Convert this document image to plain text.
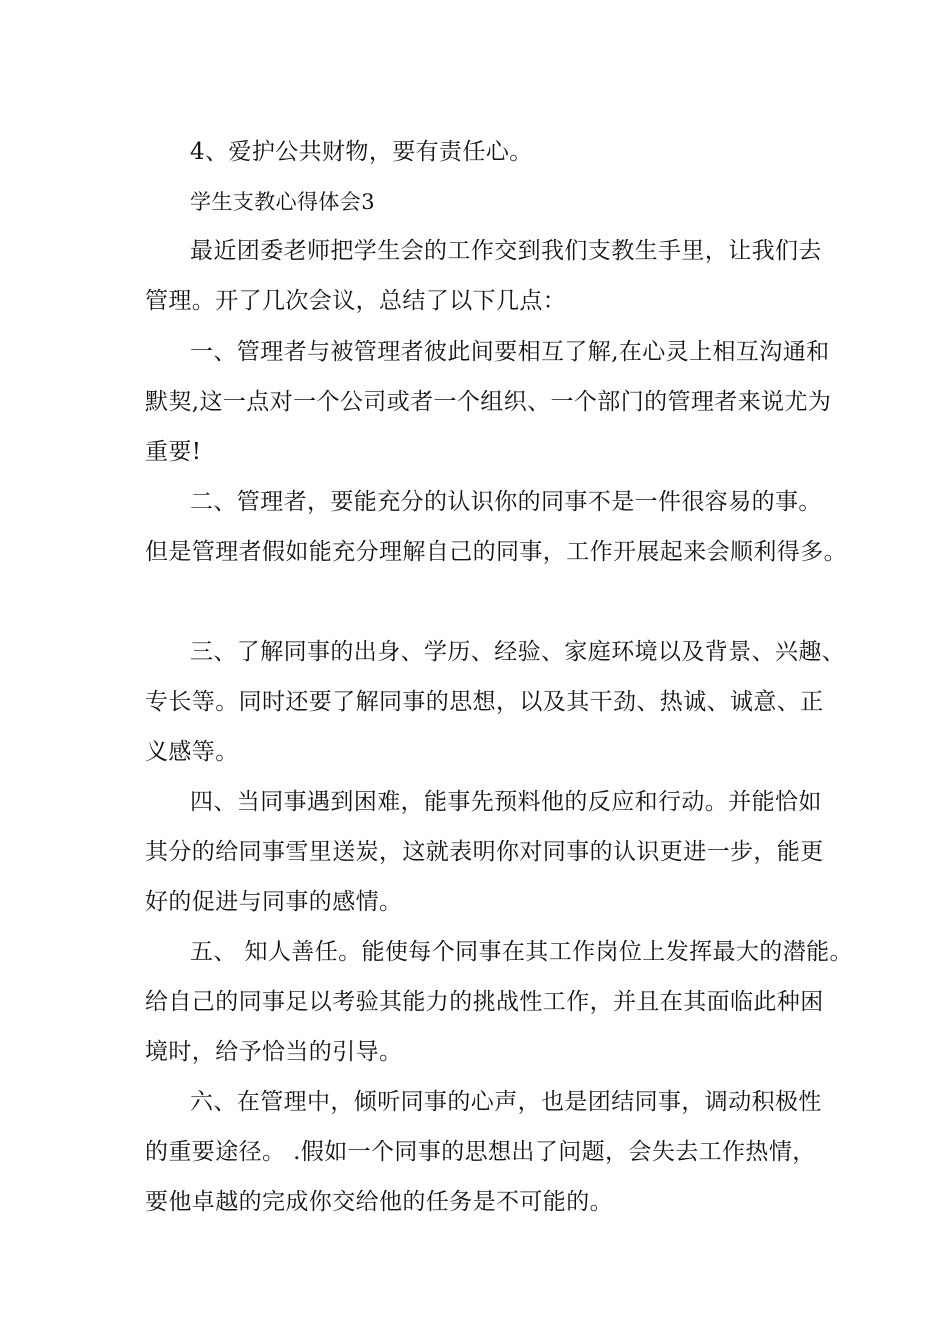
4、爱护公共财物，要有责任心。
学生支教心得体会3
最近团委老师把学生会的工作交到我们支教生手里，让我们去
管理。开了几次会议，总结了以下几点：
一、管理者与被管理者彼此间要相互了解,在心灵上相互沟通和
默契,这一点对一个公司或者一个组织、一个部门的管理者来说尤为
重要!
二、管理者，要能充分的认识你的同事不是一件很容易的事。
但是管理者假如能充分理解自己的同事，工作开展起来会顺利得多。
三、了解同事的出身、学历、经验、家庭环境以及背景、兴趣、
专长等。同时还要了解同事的思想，以及其干劲、热诚、诚意、正
义感等。
四、当同事遇到困难，能事先预料他的反应和行动。并能恰如
其分的给同事雪里送炭，这就表明你对同事的认识更进一步，能更
好的促进与同事的感情。
五、 知人善任。能使每个同事在其工作岗位上发挥最大的潜能。
给自己的同事足以考验其能力的挑战性工作，并且在其面临此种困
境时，给予恰当的引导。
六、在管理中，倾听同事的心声，也是团结同事，调动积极性
的重要途径。 .假如一个同事的思想出了问题，会失去工作热情，
要他卓越的完成你交给他的任务是不可能的。
